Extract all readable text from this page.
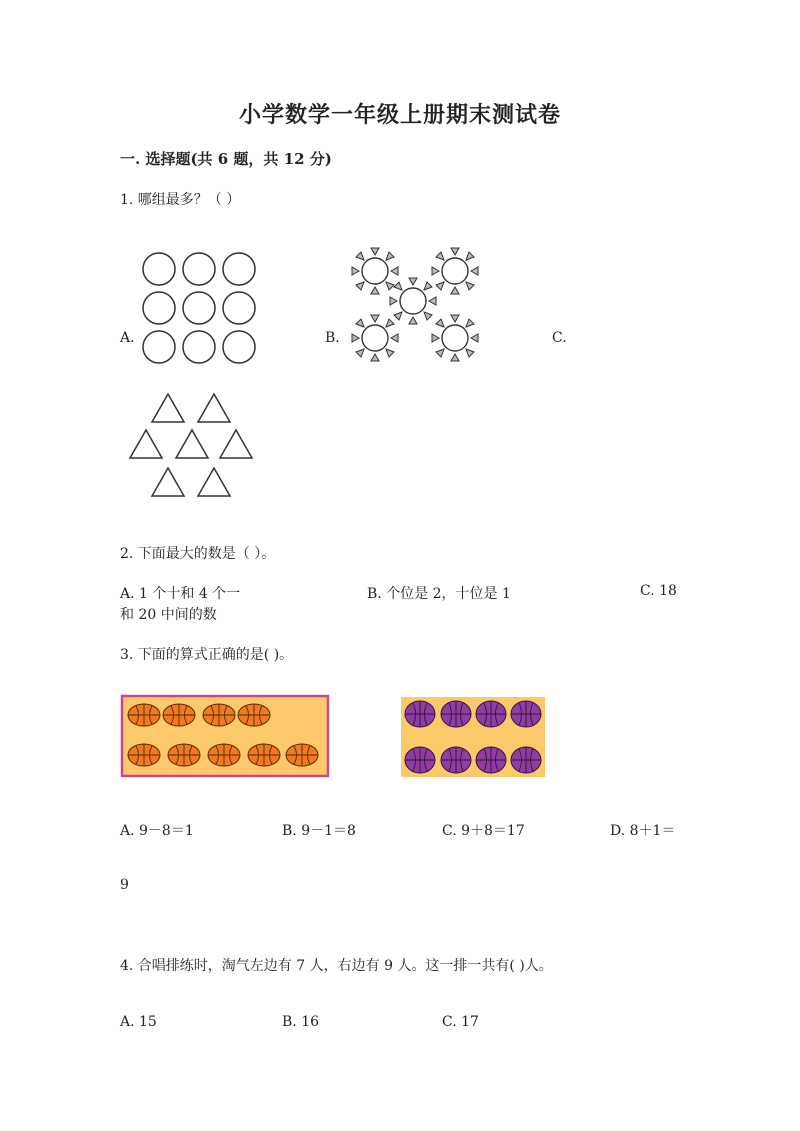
小学数学一年级上册期末测试卷
一. 选择题(共 6 题，共 12 分)
1. 哪组最多？（ ）
A.	B.	C.
2. 下面最大的数是（ ）。
A. 1 个十和 4 个一
和 20 中间的数
B. 个位是 2，十位是 1	C. 18
3. 下面的算式正确的是( )。
A. 9－8＝1	B. 9－1＝8	C. 9＋8＝17	D. 8＋1＝
9
4. 合唱排练时，淘气左边有 7 人，右边有 9 人。这一排一共有( )人。
A. 15	B. 16	C. 17
